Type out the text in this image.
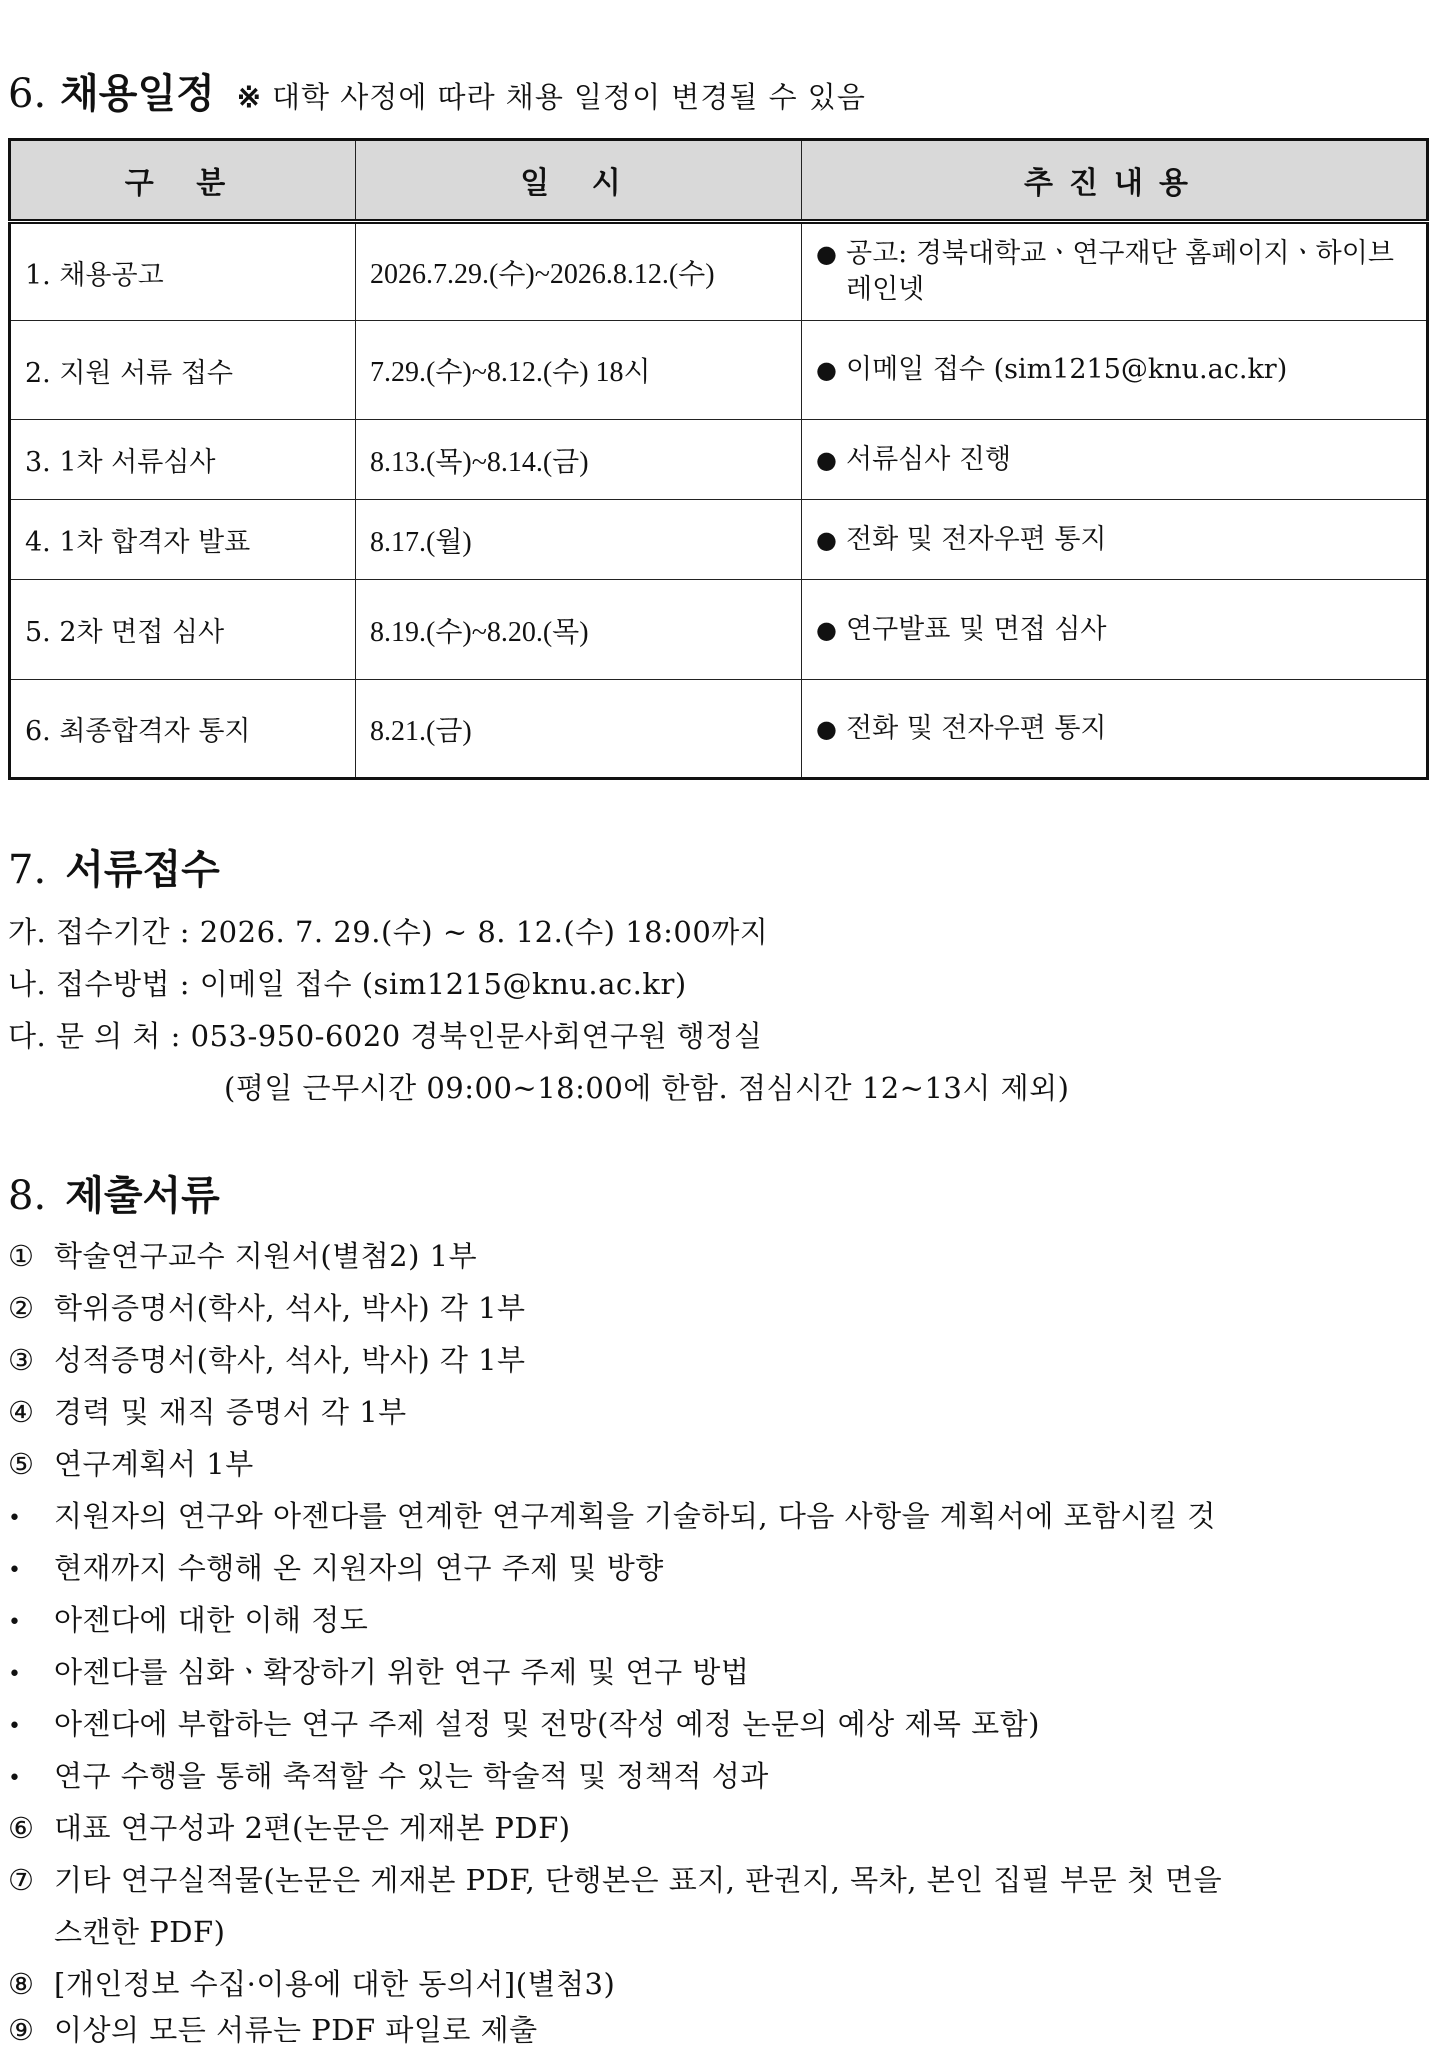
6. 채용일정 ※ 대학 사정에 따라 채용 일정이 변경될 수 있음
구 분	일 시	추진내용
1. 채용공고	2026.7.29.(수)~2026.8.12.(수)	● 공고: 경북대학교ㆍ연구재단 홈페이지ㆍ하이브레인넷

2. 지원 서류 접수	7.29.(수)~8.12.(수) 18시	● 이메일 접수 (sim1215@knu.ac.kr)

3. 1차 서류심사	8.13.(목)~8.14.(금)	● 서류심사 진행

4. 1차 합격자 발표	8.17.(월)	● 전화 및 전자우편 통지

5. 2차 면접 심사	8.19.(수)~8.20.(목)	● 연구발표 및 면접 심사

6. 최종합격자 통지	8.21.(금)	● 전화 및 전자우편 통지
7. 서류접수
가. 접수기간 : 2026. 7. 29.(수) ~ 8. 12.(수) 18:00까지
나. 접수방법 : 이메일 접수 (sim1215@knu.ac.kr)
다. 문 의 처 : 053-950-6020 경북인문사회연구원 행정실
(평일 근무시간 09:00~18:00에 한함. 점심시간 12~13시 제외)
8. 제출서류
① 학술연구교수 지원서(별첨2) 1부
② 학위증명서(학사, 석사, 박사) 각 1부
③ 성적증명서(학사, 석사, 박사) 각 1부
④ 경력 및 재직 증명서 각 1부
⑤ 연구계획서 1부
• 지원자의 연구와 아젠다를 연계한 연구계획을 기술하되, 다음 사항을 계획서에 포함시킬 것
• 현재까지 수행해 온 지원자의 연구 주제 및 방향
• 아젠다에 대한 이해 정도
• 아젠다를 심화ㆍ확장하기 위한 연구 주제 및 연구 방법
• 아젠다에 부합하는 연구 주제 설정 및 전망(작성 예정 논문의 예상 제목 포함)
• 연구 수행을 통해 축적할 수 있는 학술적 및 정책적 성과
⑥ 대표 연구성과 2편(논문은 게재본 PDF)
⑦ 기타 연구실적물(논문은 게재본 PDF, 단행본은 표지, 판권지, 목차, 본인 집필 부문 첫 면을
스캔한 PDF)
⑧ [개인정보 수집·이용에 대한 동의서](별첨3)
⑨ 이상의 모든 서류는 PDF 파일로 제출
